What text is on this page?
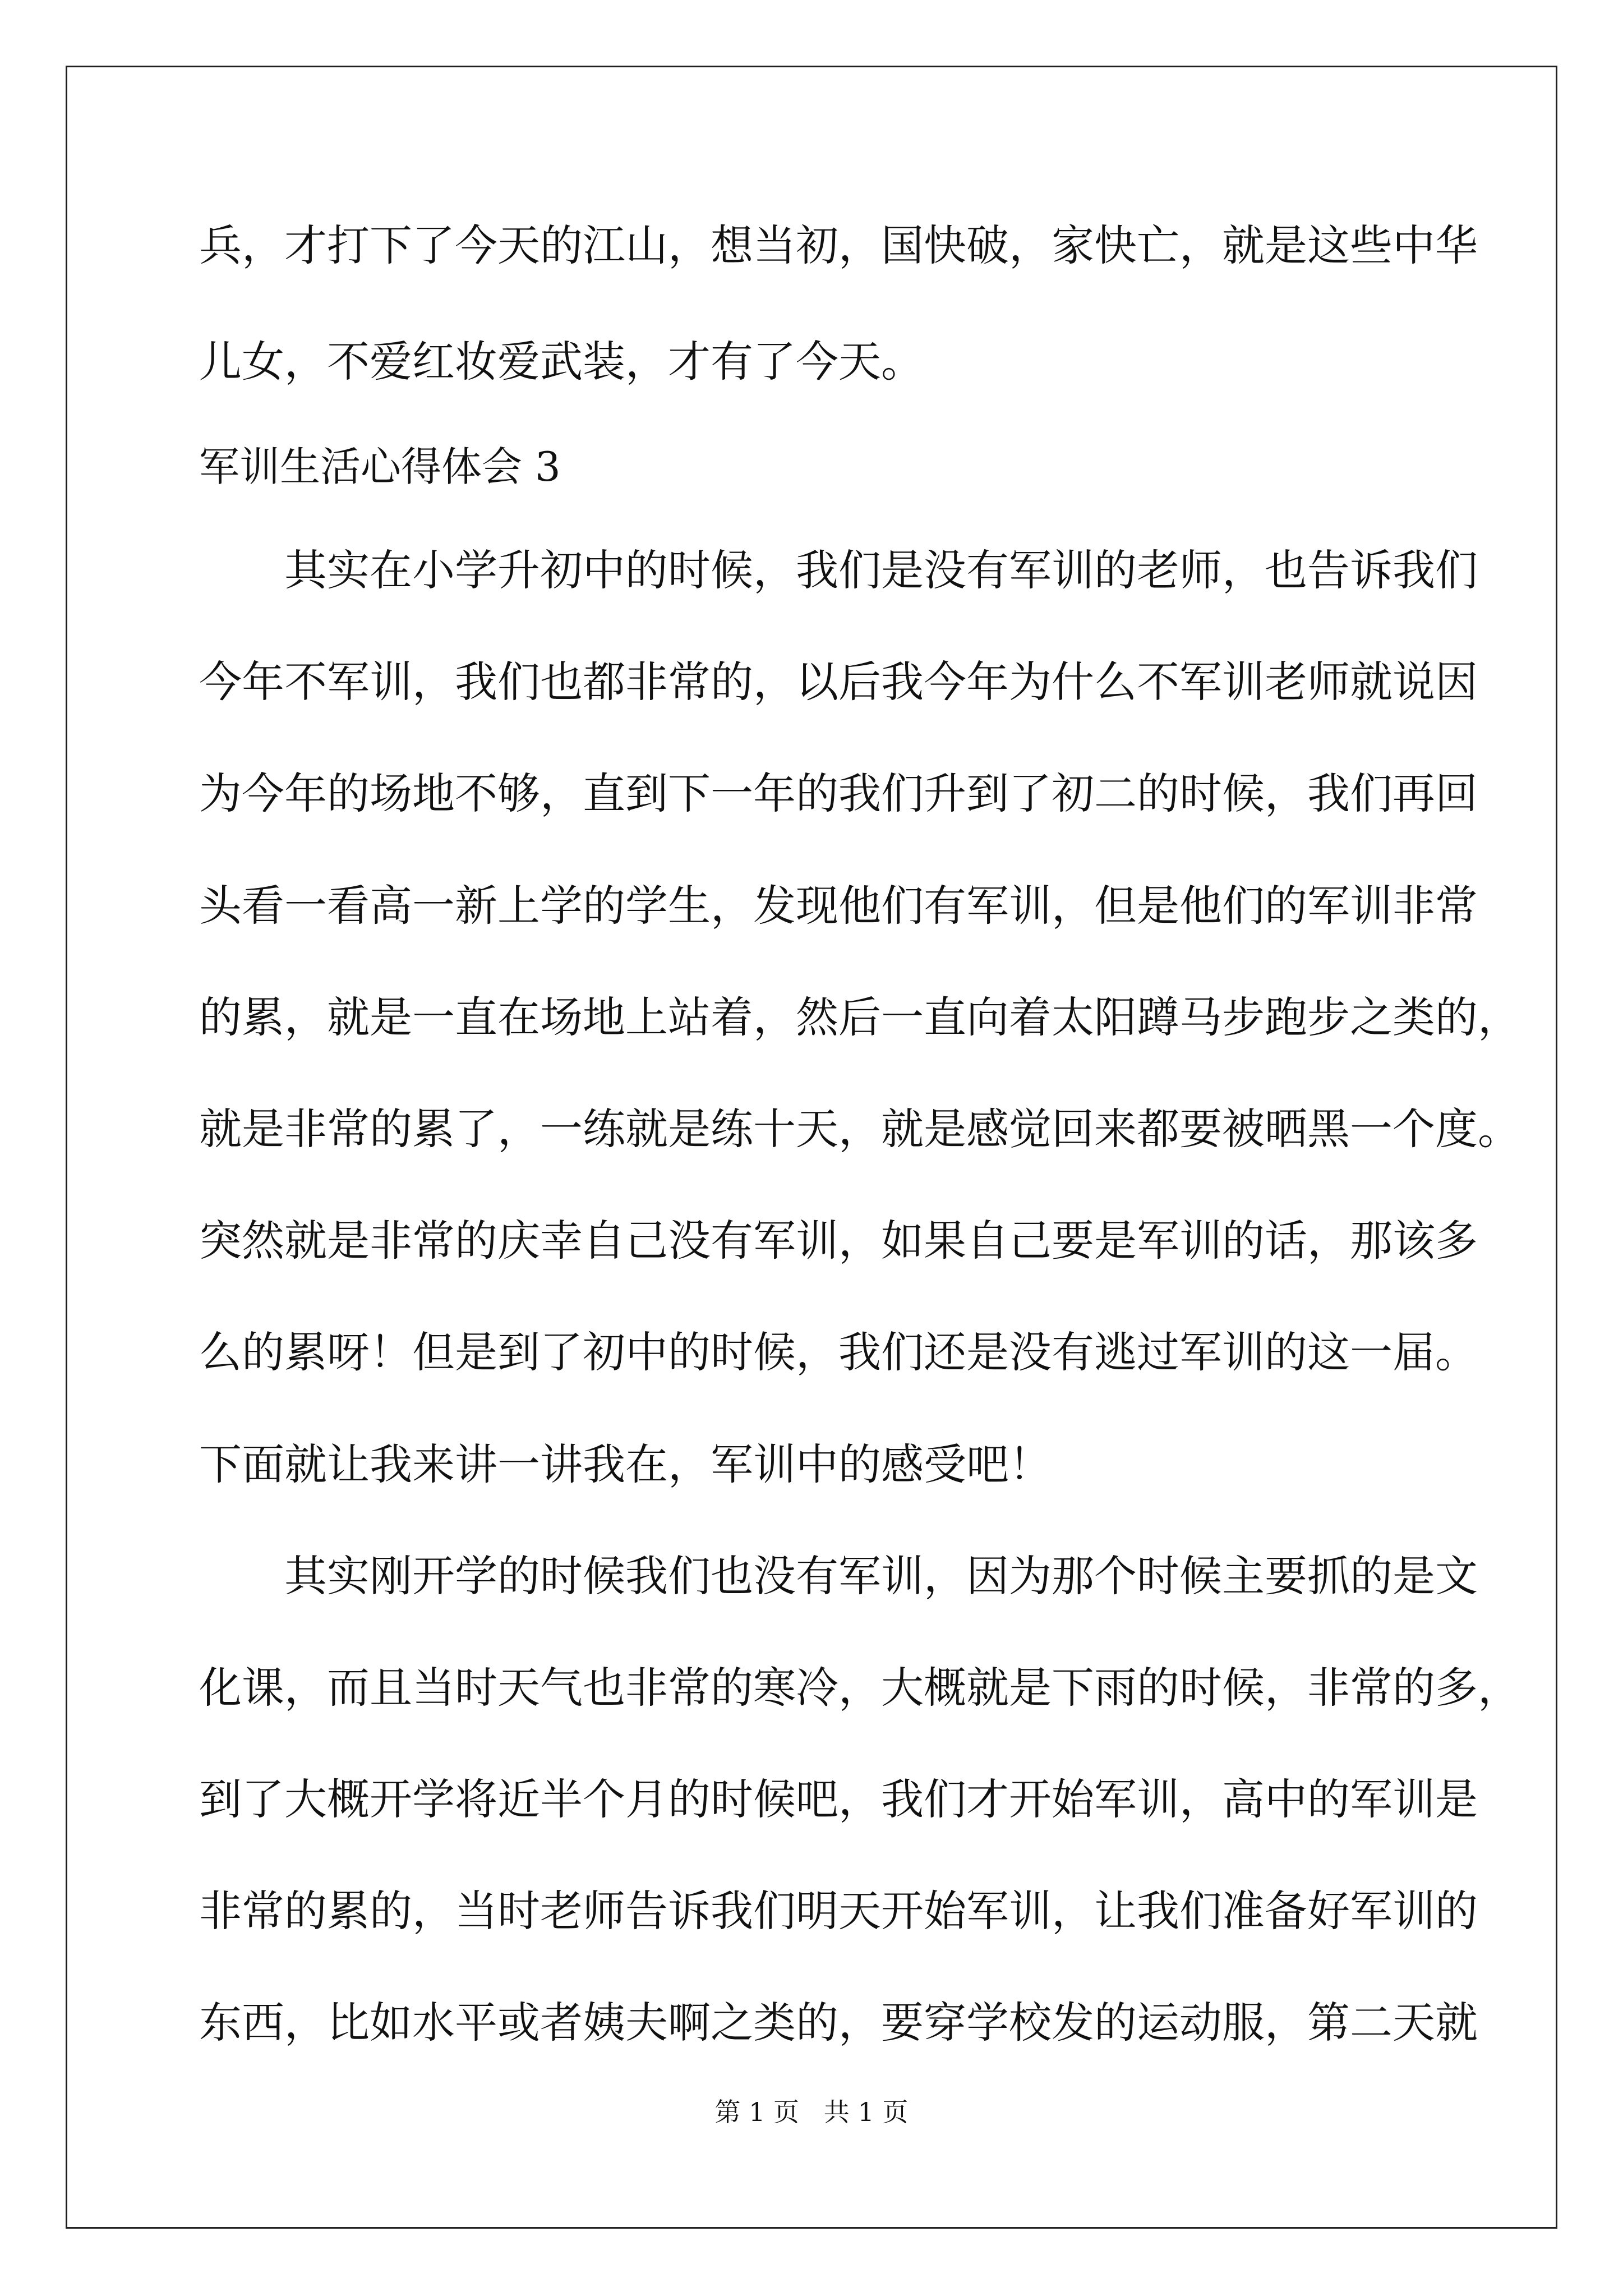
兵，才打下了今天的江山，想当初，国快破，家快亡，就是这些中华

儿女，不爱红妆爱武装，才有了今天。

军训生活心得体会 3

其实在小学升初中的时候，我们是没有军训的老师，也告诉我们

今年不军训，我们也都非常的，以后我今年为什么不军训老师就说因

为今年的场地不够，直到下一年的我们升到了初二的时候，我们再回

头看一看高一新上学的学生，发现他们有军训，但是他们的军训非常

的累，就是一直在场地上站着，然后一直向着太阳蹲马步跑步之类的，

就是非常的累了，一练就是练十天，就是感觉回来都要被晒黑一个度。

突然就是非常的庆幸自己没有军训，如果自己要是军训的话，那该多

么的累呀！但是到了初中的时候，我们还是没有逃过军训的这一届。

下面就让我来讲一讲我在，军训中的感受吧！

其实刚开学的时候我们也没有军训，因为那个时候主要抓的是文

化课，而且当时天气也非常的寒冷，大概就是下雨的时候，非常的多，

到了大概开学将近半个月的时候吧，我们才开始军训，高中的军训是

非常的累的，当时老师告诉我们明天开始军训，让我们准备好军训的

东西，比如水平或者姨夫啊之类的，要穿学校发的运动服，第二天就

第 1 页   共 1 页
